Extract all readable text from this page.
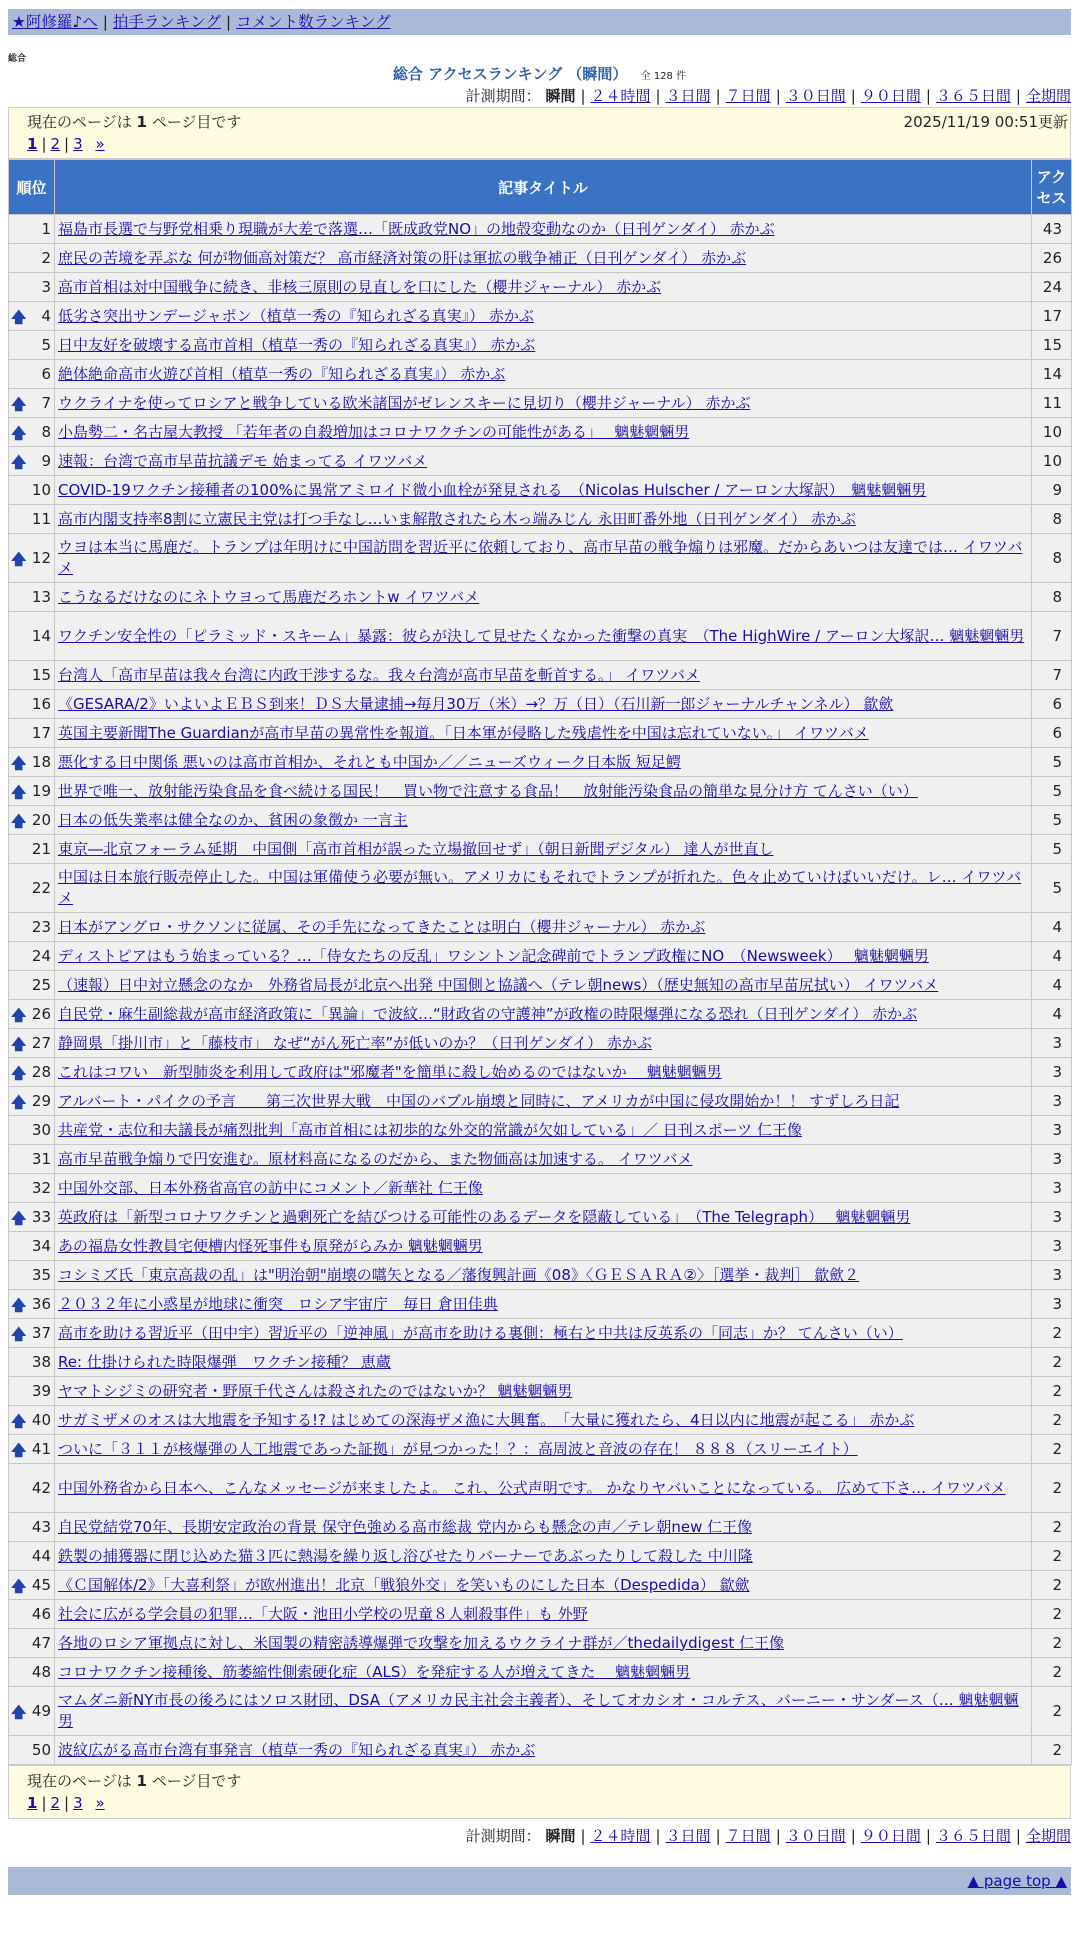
★阿修羅♪へ | 拍手ランキング | コメント数ランキング
総合
総合 アクセスランキング （瞬間） 全 128 件
計測期間： 瞬間 | ２４時間 | ３日間 | ７日間 | ３０日間 | ９０日間 | ３６５日間 | 全期間
現在のページは 1 ページ目です	2025/11/19 00:51更新
1 | 2 | 3 »
順位	記事タイトル	アクセス
1	福島市長選で与野党相乗り現職が大差で落選…「既成政党NO」の地殻変動なのか（日刊ゲンダイ） 赤かぶ	43
2	庶民の苦境を弄ぶな 何が物価高対策だ？ 高市経済対策の肝は軍拡の戦争補正（日刊ゲンダイ） 赤かぶ	26
3	高市首相は対中国戦争に続き、非核三原則の見直しを口にした（櫻井ジャーナル） 赤かぶ	24

🡅 4	低劣さ突出サンデージャポン（植草一秀の『知られざる真実』） 赤かぶ	17
5	日中友好を破壊する高市首相（植草一秀の『知られざる真実』） 赤かぶ	15
6	絶体絶命高市火遊び首相（植草一秀の『知られざる真実』） 赤かぶ	14

🡅 7	ウクライナを使ってロシアと戦争している欧米諸国がゼレンスキーに見切り（櫻井ジャーナル） 赤かぶ	11

🡅 8	小島勢二・名古屋大教授 「若年者の自殺増加はコロナワクチンの可能性がある」　 魑魅魍魎男	10

🡅 9	速報：台湾で高市早苗抗議デモ 始まってる イワツバメ	10
10	COVID-19ワクチン接種者の100%に異常アミロイド微小血栓が発見される　（Nicolas Hulscher / アーロン大塚訳）　魑魅魍魎男	9
11	高市内閣支持率8割に立憲民主党は打つ手なし…いま解散されたら木っ端みじん 永田町番外地（日刊ゲンダイ） 赤かぶ	8

🡅 12	ウヨは本当に馬鹿だ。トランプは年明けに中国訪問を習近平に依頼しており、高市早苗の戦争煽りは邪魔。だからあいつは友達では… イワツバメ	8
13	こうなるだけなのにネトウヨって馬鹿だろホントw イワツバメ	8
14	ワクチン安全性の「ピラミッド・スキーム」暴露：彼らが決して見せたくなかった衝撃の真実　（The HighWire / アーロン大塚訳… 魑魅魍魎男	7
15	台湾人「高市早苗は我々台湾に内政干渉するな。我々台湾が高市早苗を斬首する。」 イワツバメ	7
16	《GESARA/2》いよいよＥＢＳ到来！ＤＳ大量逮捕→毎月30万（米）→？万（日）（石川新一郎ジャーナルチャンネル） 歙歛	6
17	英国主要新聞The Guardianが高市早苗の異常性を報道。「日本軍が侵略した残虐性を中国は忘れていない。」 イワツバメ	6

🡅 18	悪化する日中関係 悪いのは高市首相か、それとも中国か／／ニューズウィーク日本版 短足鰐	5

🡅 19	世界で唯一、放射能汚染食品を食べ続ける国民！　買い物で注意する食品！　放射能汚染食品の簡単な見分け方 てんさい（い）	5

🡅 20	日本の低失業率は健全なのか、貧困の象徴か 一言主	5
21	東京―北京フォーラム延期　中国側「高市首相が誤った立場撤回せず」（朝日新聞デジタル） 達人が世直し	5
22	中国は日本旅行販売停止した。中国は軍備使う必要が無い。アメリカにもそれでトランプが折れた。色々止めていけばいいだけ。レ… イワツバメ	5
23	日本がアングロ・サクソンに従属、その手先になってきたことは明白（櫻井ジャーナル） 赤かぶ	4
24	ディストピアはもう始まっている？…「侍女たちの反乱」ワシントン記念碑前でトランプ政権にNO　（Newsweek）　 魑魅魍魎男	4
25	（速報）日中対立懸念のなか　外務省局長が北京へ出発 中国側と協議へ（テレ朝news）（歴史無知の高市早苗尻拭い） イワツバメ	4

🡅 26	自民党・麻生副総裁が高市経済政策に「異論」で波紋…“財政省の守護神”が政権の時限爆弾になる恐れ（日刊ゲンダイ） 赤かぶ	4

🡅 27	静岡県「掛川市」と「藤枝市」 なぜ“がん死亡率”が低いのか？（日刊ゲンダイ） 赤かぶ	3

🡅 28	これはコワい　新型肺炎を利用して政府は"邪魔者"を簡単に殺し始めるのではないか　 魑魅魍魎男	3

🡅 29	アルバート・パイクの予言　　第三次世界大戦　中国のバブル崩壊と同時に、アメリカが中国に侵攻開始か！！ すずしろ日記	3
30	共産党・志位和夫議長が痛烈批判「高市首相には初歩的な外交的常識が欠如している」／ 日刊スポーツ 仁王像	3
31	高市早苗戦争煽りで円安進む。原材料高になるのだから、また物価高は加速する。 イワツバメ	3
32	中国外交部、日本外務省高官の訪中にコメント／新華社 仁王像	3

🡅 33	英政府は「新型コロナワクチンと過剰死亡を結びつける可能性のあるデータを隠蔽している」　（The Telegraph）　 魑魅魍魎男	3
34	あの福島女性教員宅便槽内怪死事件も原発がらみか 魑魅魍魎男	3
35	コシミズ氏「東京高裁の乱」は"明治朝"崩壊の嚆矢となる／藩復興計画《08》〈ＧＥＳＡＲＡ②〉［選挙・裁判］ 歙歛２	3

🡅 36	２０３２年に小惑星が地球に衝突　ロシア宇宙庁　毎日 倉田佳典	3

🡅 37	高市を助ける習近平（田中宇）習近平の「逆神風」が高市を助ける裏側：極右と中共は反英系の「同志」か？ てんさい（い）	2
38	Re: 仕掛けられた時限爆弾　ワクチン接種？ 恵蔵	2
39	ヤマトシジミの研究者・野原千代さんは殺されたのではないか？ 魑魅魍魎男	2

🡅 40	サガミザメのオスは大地震を予知する!? はじめての深海ザメ漁に大興奮。　「大量に獲れたら、4日以内に地震が起こる」 赤かぶ	2

🡅 41	ついに「３１１が核爆弾の人工地震であった証拠」が見つかった！？：高周波と音波の存在！ ８８８（スリーエイト）	2
42	中国外務省から日本へ、こんなメッセージが来ましたよ。 これ、公式声明です。 かなりヤバいことになっている。 広めて下さ… イワツバメ	2
43	自民党結党70年、長期安定政治の背景 保守色強める高市総裁 党内からも懸念の声／テレ朝new 仁王像	2
44	鉄製の捕獲器に閉じ込めた猫３匹に熱湯を繰り返し浴びせたりバーナーであぶったりして殺した 中川隆	2

🡅 45	《Ｃ国解体/2》「大喜利祭」が欧州進出！北京「戦狼外交」を笑いものにした日本（Despedida） 歙歛	2
46	社会に広がる学会員の犯罪…「大阪・池田小学校の児童８人刺殺事件」も 外野	2
47	各地のロシア軍拠点に対し、米国製の精密誘導爆弾で攻撃を加えるウクライナ群が／thedailydigest 仁王像	2
48	コロナワクチン接種後、筋萎縮性側索硬化症（ALS）を発症する人が増えてきた　 魑魅魍魎男	2

🡅 49	マムダニ新NY市長の後ろにはソロス財団、DSA（アメリカ民主社会主義者）、そしてオカシオ・コルテス、バーニー・サンダース（… 魑魅魍魎男	2
50	波紋広がる高市台湾有事発言（植草一秀の『知られざる真実』） 赤かぶ	2
現在のページは 1 ページ目です
1 | 2 | 3 »
計測期間： 瞬間 | ２４時間 | ３日間 | ７日間 | ３０日間 | ９０日間 | ３６５日間 | 全期間
▲ page top ▲
